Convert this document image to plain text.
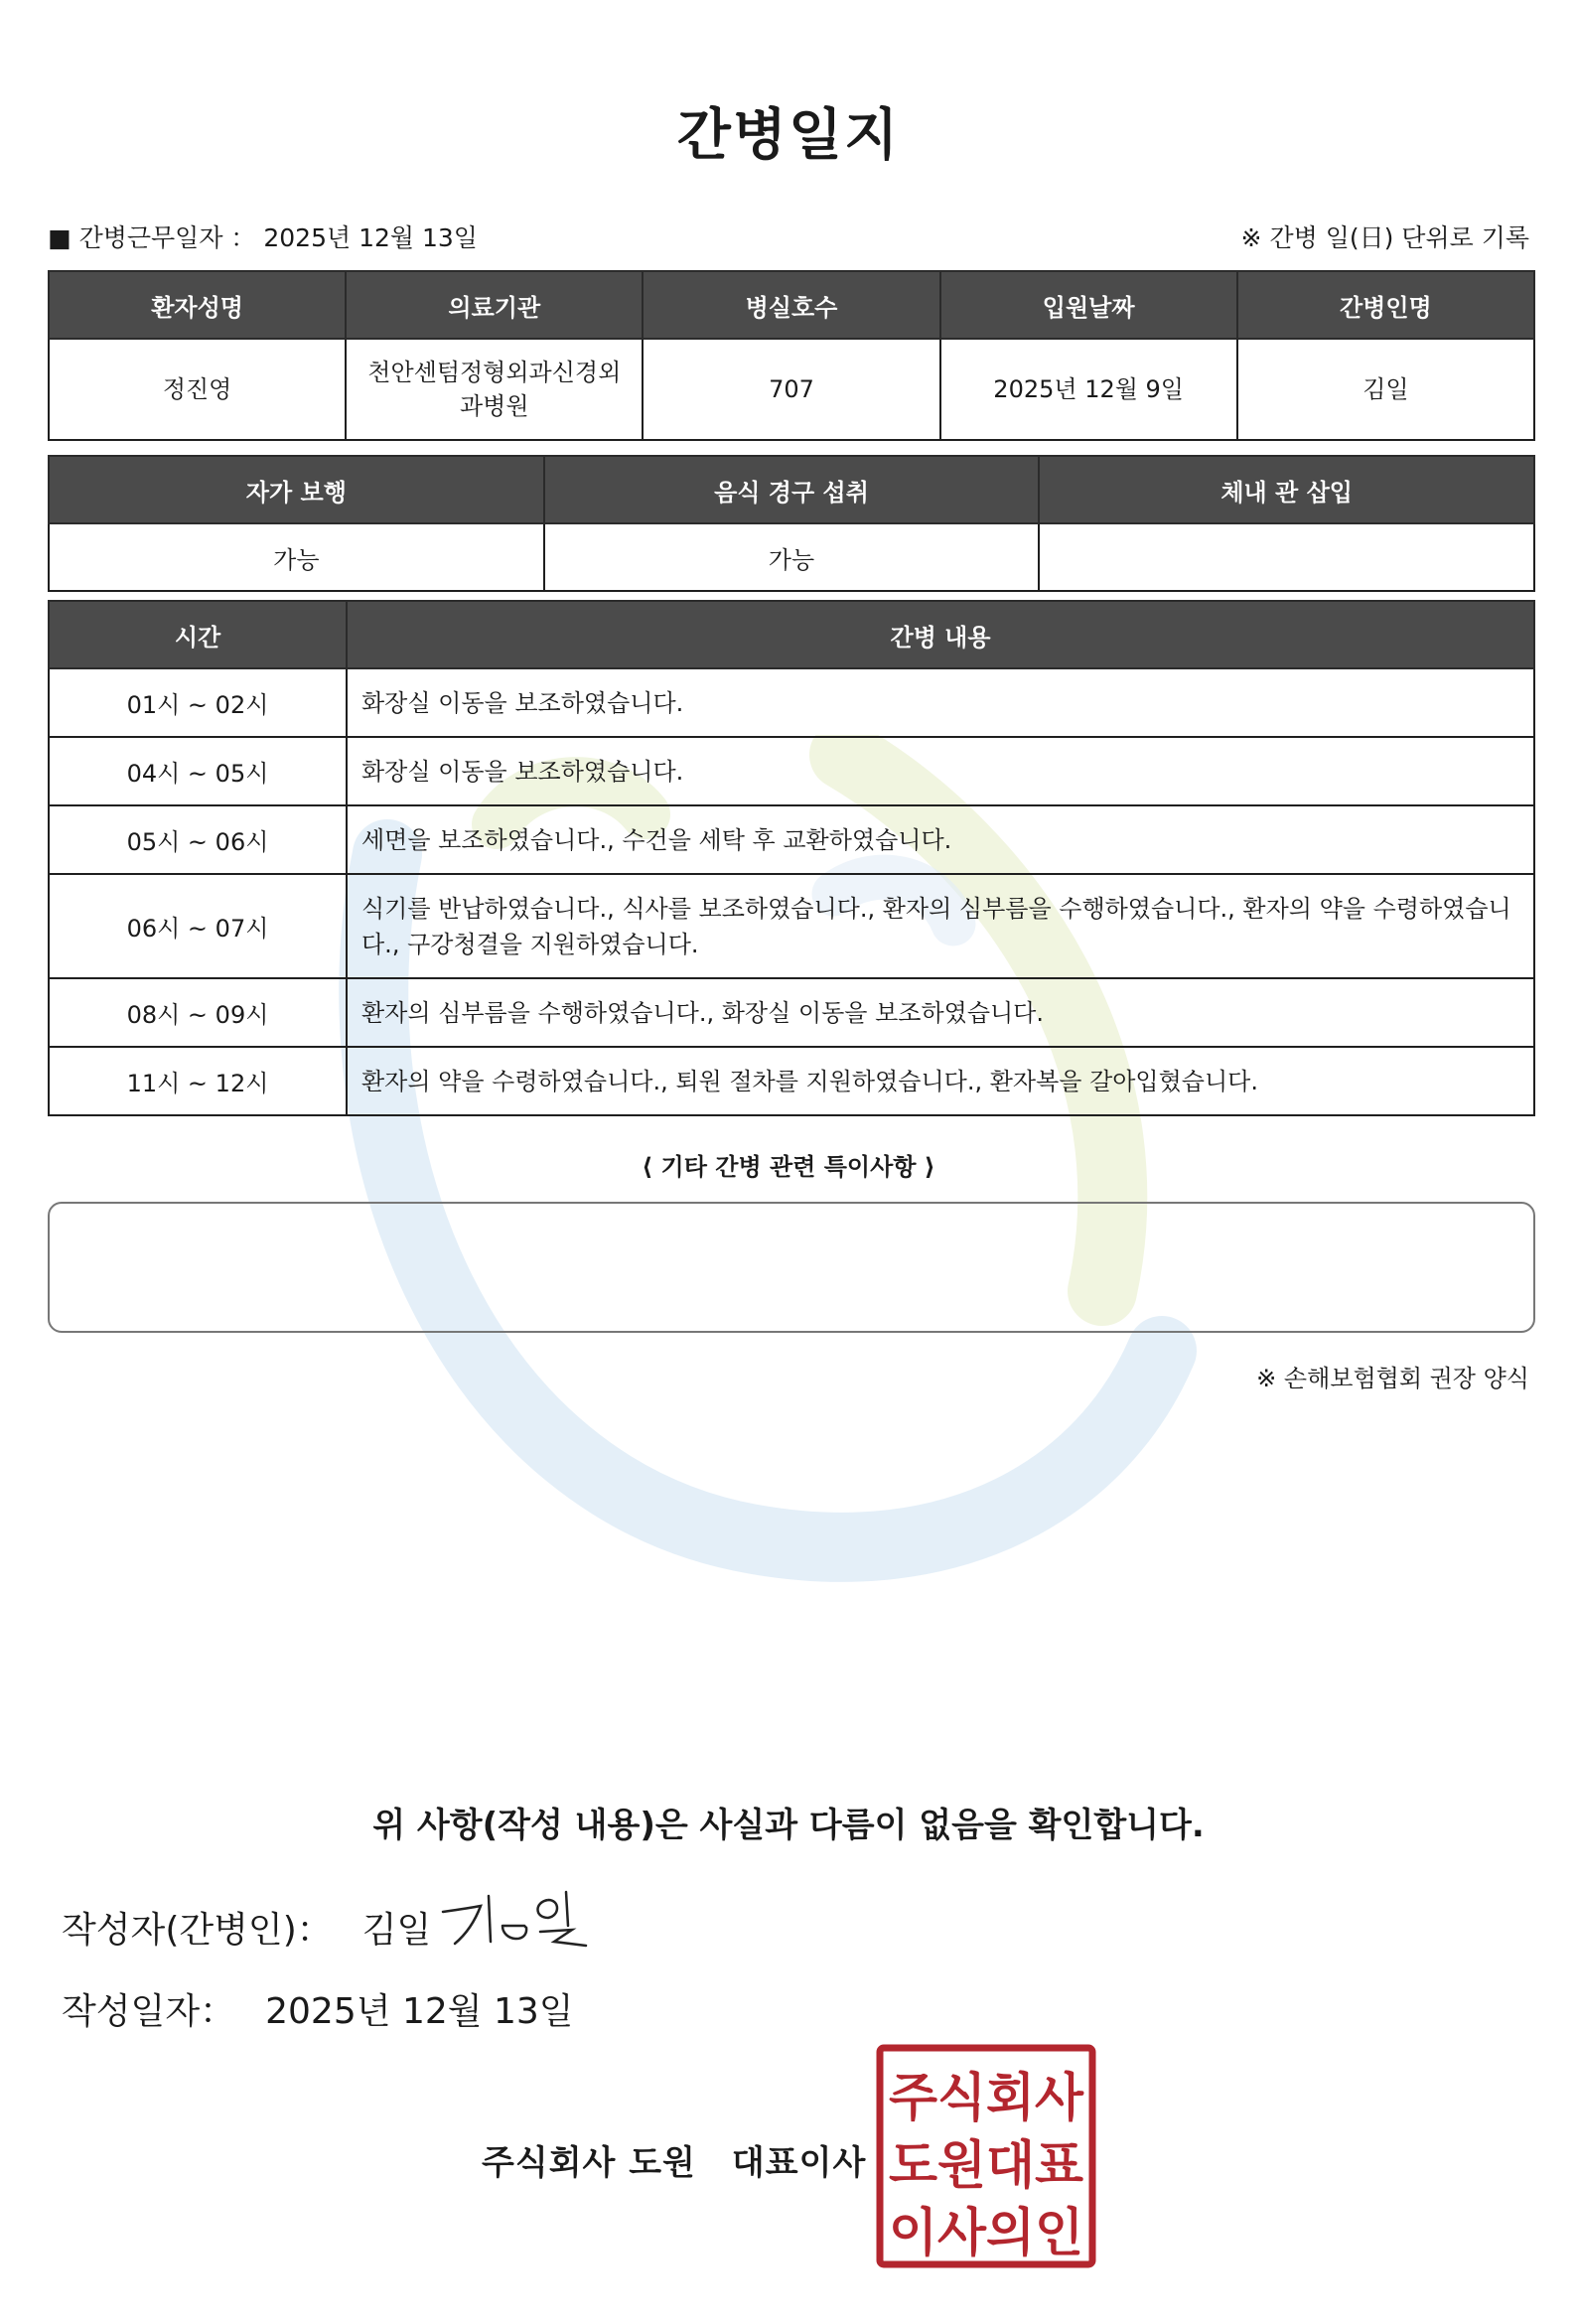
간병일지
■ 간병근무일자 ： 2025년 12월 13일	※ 간병 일(日) 단위로 기록
환자성명	의료기관	병실호수	입원날짜	간병인명
정진영	천안센텀정형외과신경외과병원	707	2025년 12월 9일	김일
자가 보행	음식 경구 섭취	체내 관 삽입
가능	가능	
시간	간병 내용
01시 ~ 02시	화장실 이동을 보조하였습니다.
04시 ~ 05시	화장실 이동을 보조하였습니다.
05시 ~ 06시	세면을 보조하였습니다., 수건을 세탁 후 교환하였습니다.
06시 ~ 07시	식기를 반납하였습니다., 식사를 보조하였습니다., 환자의 심부름을 수행하였습니다., 환자의 약을 수령하였습니다., 구강청결을 지원하였습니다.
08시 ~ 09시	환자의 심부름을 수행하였습니다., 화장실 이동을 보조하였습니다.
11시 ~ 12시	환자의 약을 수령하였습니다., 퇴원 절차를 지원하였습니다., 환자복을 갈아입혔습니다.
⟨ 기타 간병 관련 특이사항 ⟩
※ 손해보험협회 권장 양식
위 사항(작성 내용)은 사실과 다름이 없음을 확인합니다.
작성자(간병인)： 김일
작성일자： 2025년 12월 13일
주식회사 도원 대표이사
주식회사
도원대표
이사의인
